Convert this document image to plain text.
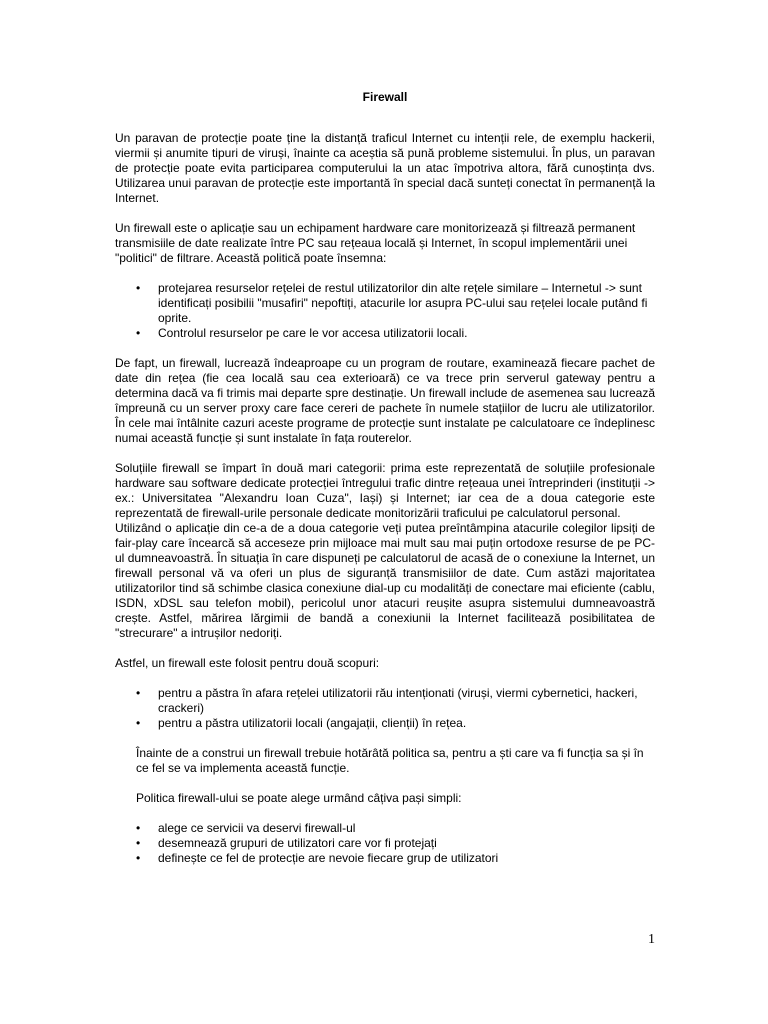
Firewall

Un paravan de protecție poate ține la distanță traficul Internet cu intenții rele, de exemplu hackerii, viermii și anumite tipuri de viruși, înainte ca aceștia să pună probleme sistemului. În plus, un paravan de protecție poate evita participarea computerului la un atac împotriva altora, fără cunoștința dvs. Utilizarea unui paravan de protecție este importantă în special dacă sunteți conectat în permanență la Internet.

Un firewall este o aplicație sau un echipament hardware care monitorizează și filtrează permanent transmisiile de date realizate între PC sau rețeaua locală și Internet, în scopul implementării unei "politici" de filtrare. Această politică poate însemna:

• protejarea resurselor rețelei de restul utilizatorilor din alte rețele similare – Internetul -> sunt identificați posibilii "musafiri" nepoftiți, atacurile lor asupra PC-ului sau rețelei locale putând fi oprite.
• Controlul resurselor pe care le vor accesa utilizatorii locali.

De fapt, un firewall, lucrează îndeaproape cu un program de routare, examinează fiecare pachet de date din rețea (fie cea locală sau cea exterioară) ce va trece prin serverul gateway pentru a determina dacă va fi trimis mai departe spre destinație. Un firewall include de asemenea sau lucrează împreună cu un server proxy care face cereri de pachete în numele stațiilor de lucru ale utilizatorilor. În cele mai întâlnite cazuri aceste programe de protecție sunt instalate pe calculatoare ce îndeplinesc numai această funcție și sunt instalate în fața routerelor.

Soluțiile firewall se împart în două mari categorii: prima este reprezentată de soluțiile profesionale hardware sau software dedicate protecției întregului trafic dintre rețeaua unei întreprinderi (instituții -> ex.: Universitatea "Alexandru Ioan Cuza", Iași) și Internet; iar cea de a doua categorie este reprezentată de firewall-urile personale dedicate monitorizării traficului pe calculatorul personal.

Utilizând o aplicație din ce-a de a doua categorie veți putea preîntâmpina atacurile colegilor lipsiți de fair-play care încearcă să acceseze prin mijloace mai mult sau mai puțin ortodoxe resurse de pe PC-ul dumneavoastră. În situația în care dispuneți pe calculatorul de acasă de o conexiune la Internet, un firewall personal vă va oferi un plus de siguranță transmisiilor de date. Cum astăzi majoritatea utilizatorilor tind să schimbe clasica conexiune dial-up cu modalități de conectare mai eficiente (cablu, ISDN, xDSL sau telefon mobil), pericolul unor atacuri reușite asupra sistemului dumneavoastră crește. Astfel, mărirea lărgimii de bandă a conexiunii la Internet facilitează posibilitatea de "strecurare" a intrușilor nedoriți.

Astfel, un firewall este folosit pentru două scopuri:

• pentru a păstra în afara rețelei utilizatorii rău intenționati (viruși, viermi cybernetici, hackeri, crackeri)
• pentru a păstra utilizatorii locali (angajații, clienții) în rețea.

Înainte de a construi un firewall trebuie hotărâtă politica sa, pentru a ști care va fi funcția sa și în ce fel se va implementa această funcție.

Politica firewall-ului se poate alege urmând câțiva pași simpli:

• alege ce servicii va deservi firewall-ul
• desemnează grupuri de utilizatori care vor fi protejați
• definește ce fel de protecție are nevoie fiecare grup de utilizatori
1
